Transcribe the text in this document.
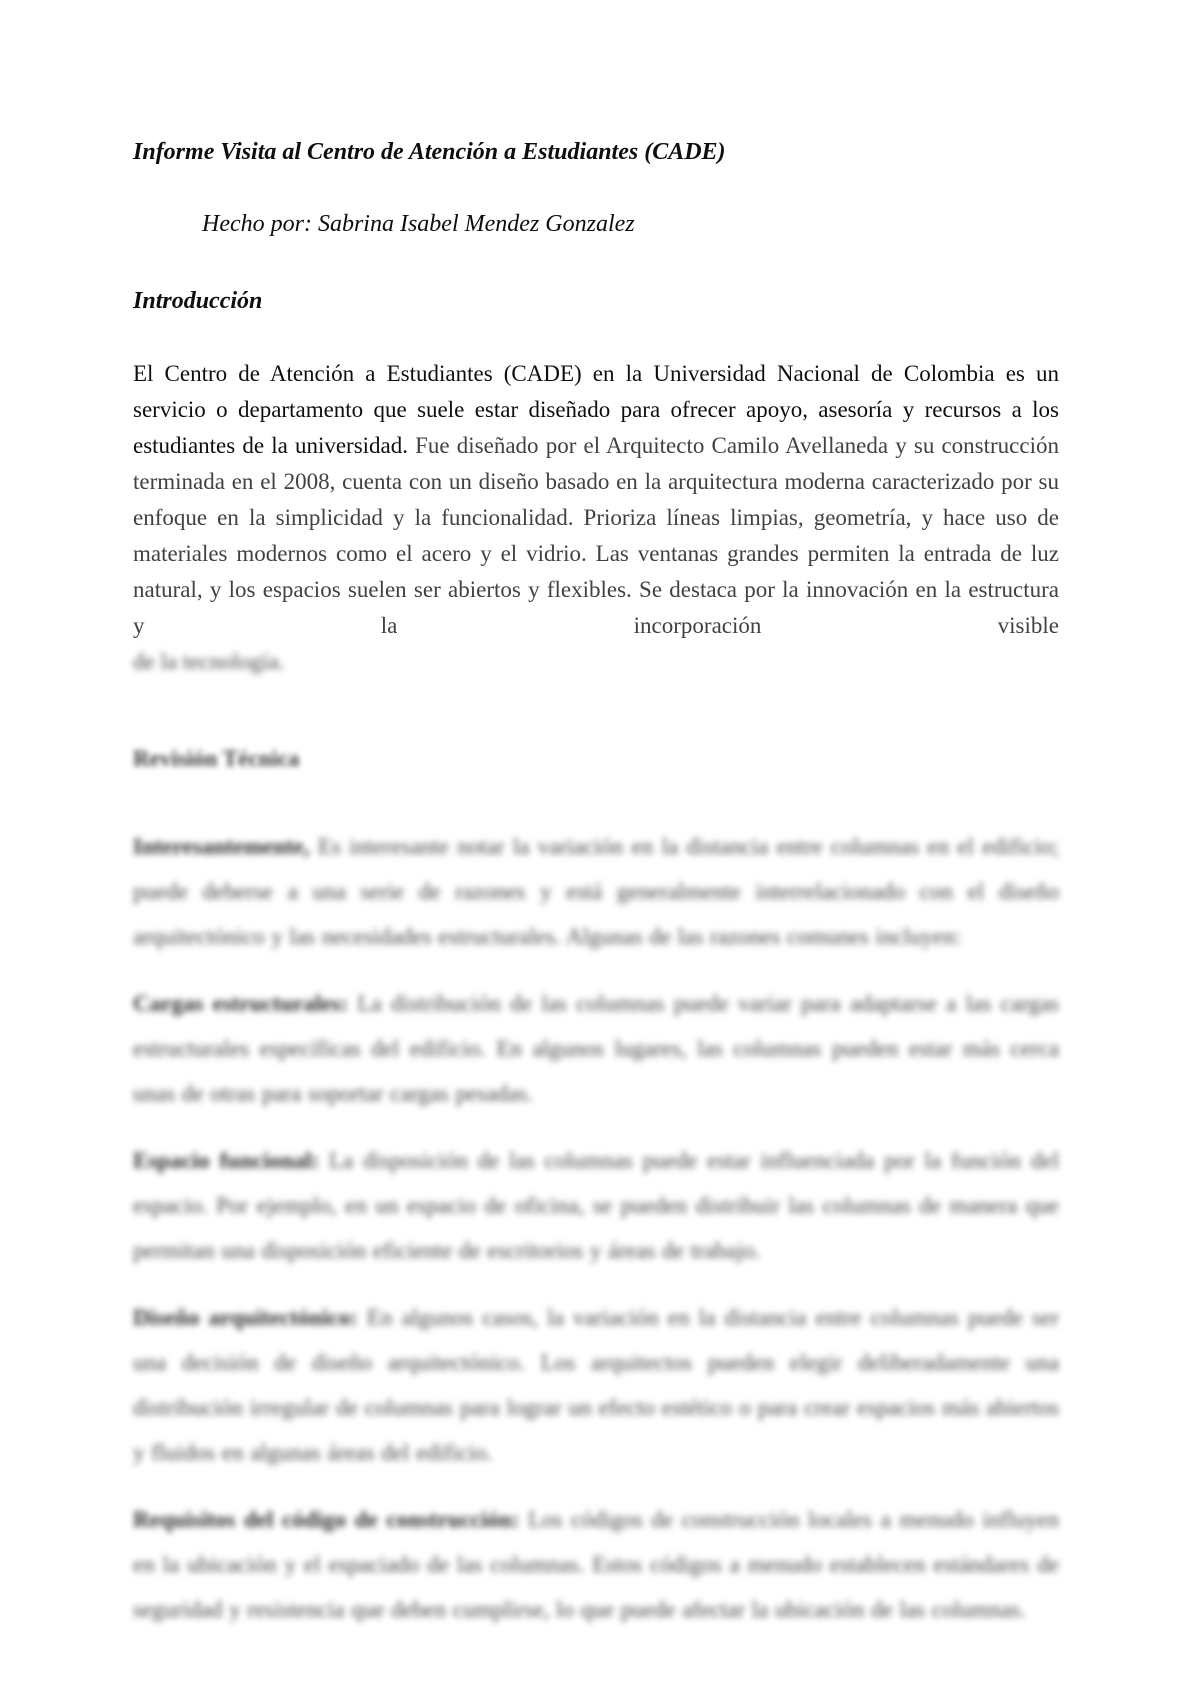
Informe Visita al Centro de Atención a Estudiantes (CADE)
Hecho por: Sabrina Isabel Mendez Gonzalez
Introducción
El Centro de Atención a Estudiantes (CADE) en la Universidad Nacional de Colombia es un servicio o departamento que suele estar diseñado para ofrecer apoyo, asesoría y recursos a los estudiantes de la universidad. Fue diseñado por el Arquitecto Camilo Avellaneda y su construcción terminada en el 2008, cuenta con un diseño basado en la arquitectura moderna caracterizado por su enfoque en la simplicidad y la funcionalidad. Prioriza líneas limpias, geometría, y hace uso de materiales modernos como el acero y el vidrio. Las ventanas grandes permiten la entrada de luz natural, y los espacios suelen ser abiertos y flexibles. Se destaca por la innovación en la estructura y la incorporación visible
de la tecnología.
Revisión Técnica
Interesantemente, Es interesante notar la variación en la distancia entre columnas en el edificio; puede deberse a una serie de razones y está generalmente interrelacionado con el diseño arquitectónico y las necesidades estructurales. Algunas de las razones comunes incluyen:
Cargas estructurales: La distribución de las columnas puede variar para adaptarse a las cargas estructurales específicas del edificio. En algunos lugares, las columnas pueden estar más cerca unas de otras para soportar cargas pesadas.
Espacio funcional: La disposición de las columnas puede estar influenciada por la función del espacio. Por ejemplo, en un espacio de oficina, se pueden distribuir las columnas de manera que permitan una disposición eficiente de escritorios y áreas de trabajo.
Diseño arquitectónico: En algunos casos, la variación en la distancia entre columnas puede ser una decisión de diseño arquitectónico. Los arquitectos pueden elegir deliberadamente una distribución irregular de columnas para lograr un efecto estético o para crear espacios más abiertos y fluidos en algunas áreas del edificio.
Requisitos del código de construcción: Los códigos de construcción locales a menudo influyen en la ubicación y el espaciado de las columnas. Estos códigos a menudo establecen estándares de seguridad y resistencia que deben cumplirse, lo que puede afectar la ubicación de las columnas.
